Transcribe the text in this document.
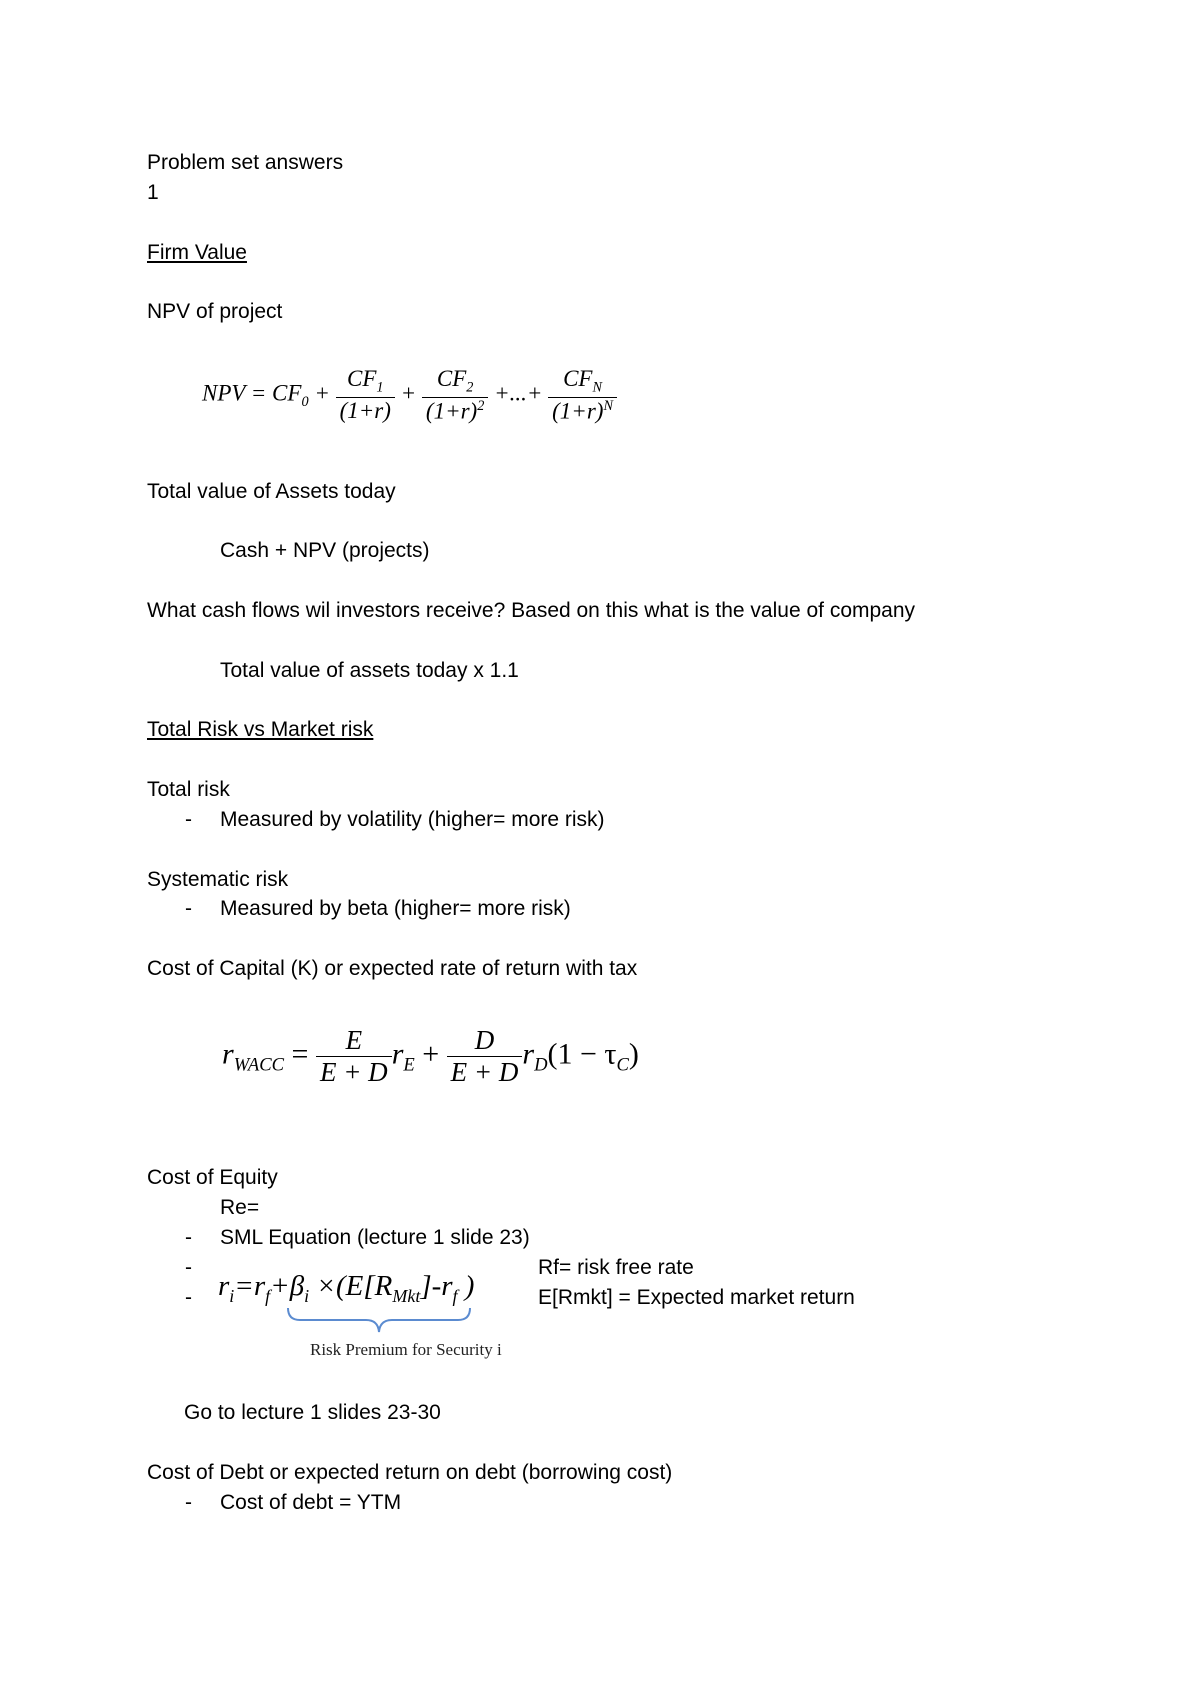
Problem set answers
1
Firm Value
NPV of project
NPV = $CF_0 + \frac{CF_1}{(1+r)} + \frac{CF_2}{(1+r)^2}$ +...+ $\frac{CF_N}{(1+r)^N}$
Total value of Assets today
Cash + NPV (projects)
What cash flows wil investors receive? Based on this what is the value of company
Total value of assets today x 1.1
Total Risk vs Market risk
Total risk
- Measured by volatility (higher= more risk)
Systematic risk
- Measured by beta (higher= more risk)
Cost of Capital (K) or expected rate of return with tax
$r_{WACC} = \frac{E}{E + D} r_E + \frac{D}{E + D} r_D(1 - \tau_C)$
Cost of Equity
Re=
- SML Equation (lecture 1 slide 23)
-	Rf= risk free rate
-	E[Rmkt] = Expected market return
$r_i=r_f+\beta_i \times(E[R_{Mkt}]-r_f$ )
Risk Premium for Security i
Go to lecture 1 slides 23-30
Cost of Debt or expected return on debt (borrowing cost)
- Cost of debt = YTM
